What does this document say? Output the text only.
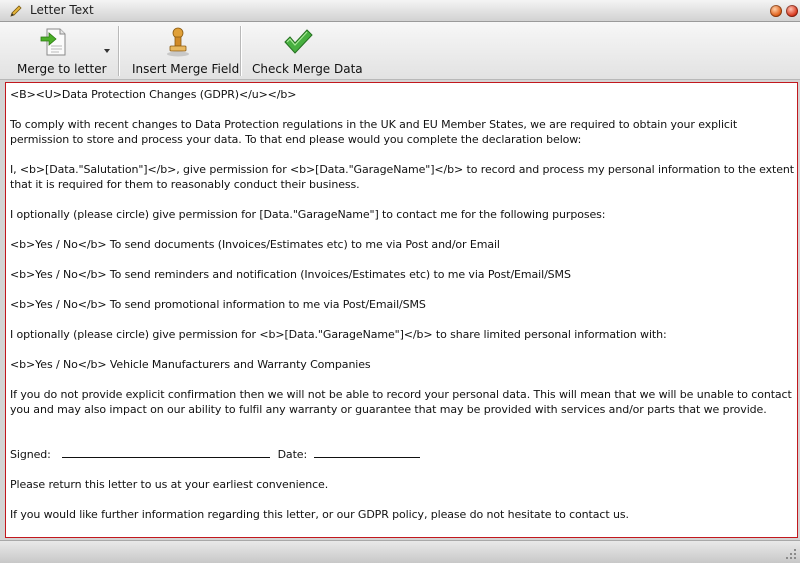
Letter Text
Merge to letter Insert Merge Field Check Merge Data

<B><U>Data Protection Changes (GDPR)</u></b>

To comply with recent changes to Data Protection regulations in the UK and EU Member States, we are required to obtain your explicit permission to store and process your data. To that end please would you complete the declaration below:

I, <b>[Data."Salutation"]</b>, give permission for <b>[Data."GarageName"]</b> to record and process my personal information to the extent that it is required for them to reasonably conduct their business.

I optionally (please circle) give permission for [Data."GarageName"] to contact me for the following purposes:

<b>Yes / No</b> To send documents (Invoices/Estimates etc) to me via Post and/or Email

<b>Yes / No</b> To send reminders and notification (Invoices/Estimates etc) to me via Post/Email/SMS

<b>Yes / No</b> To send promotional information to me via Post/Email/SMS

I optionally (please circle) give permission for <b>[Data."GarageName"]</b> to share limited personal information with:

<b>Yes / No</b> Vehicle Manufacturers and Warranty Companies

If you do not provide explicit confirmation then we will not be able to record your personal data. This will mean that we will be unable to contact you and may also impact on our ability to fulfil any warranty or guarantee that may be provided with services and/or parts that we provide.

Signed:	Date:

Please return this letter to us at your earliest convenience.

If you would like further information regarding this letter, or our GDPR policy, please do not hesitate to contact us.
